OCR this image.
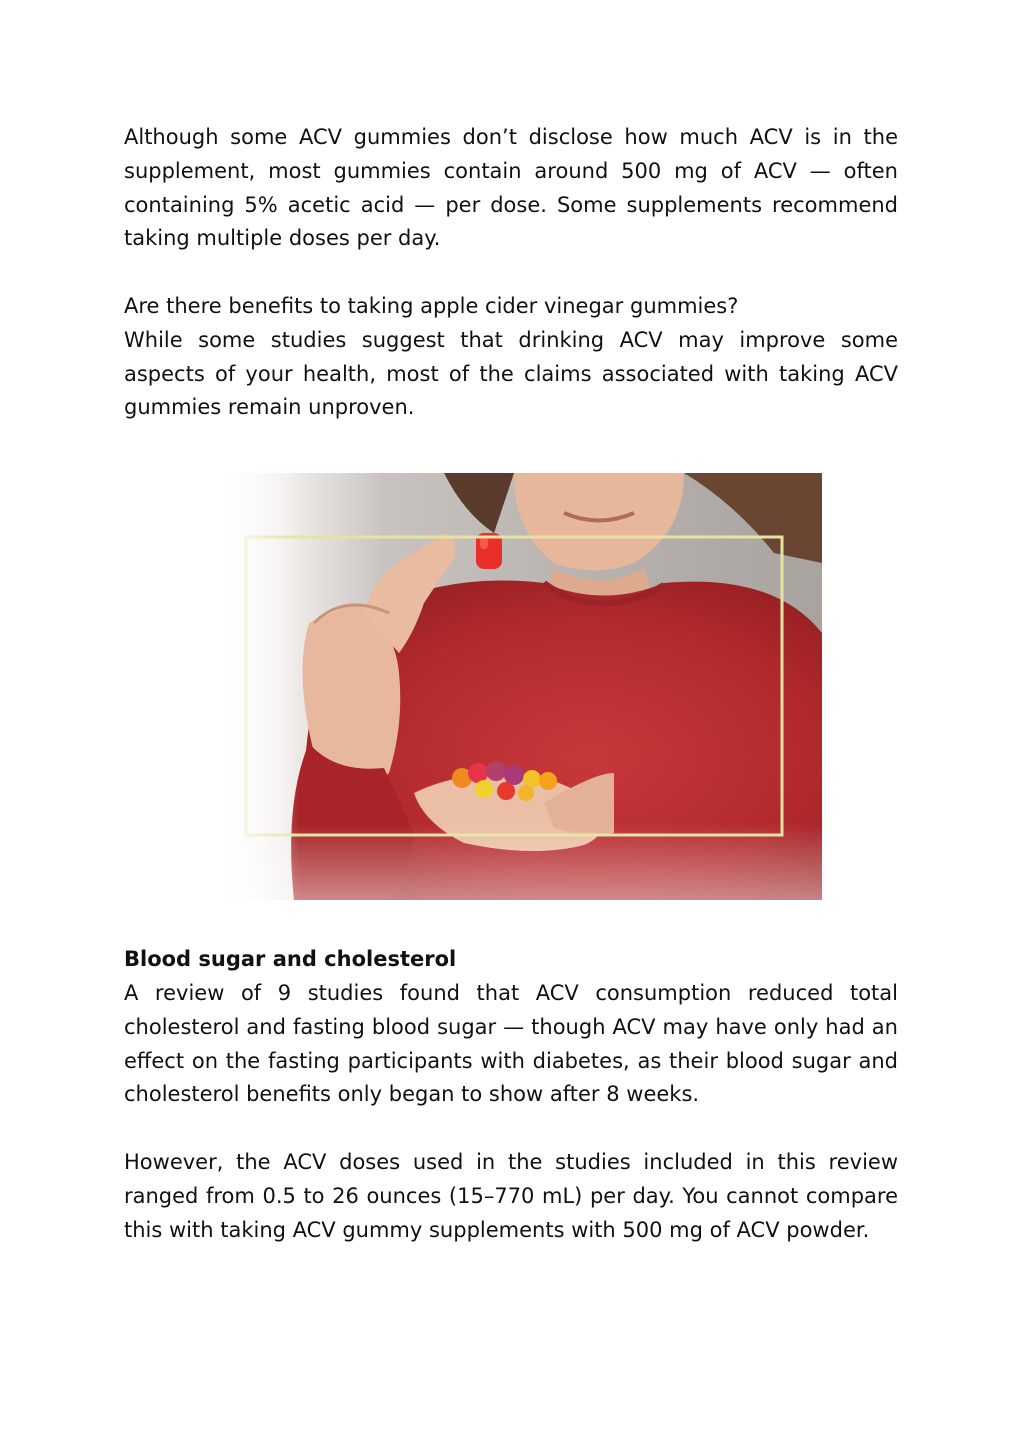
Although some ACV gummies don’t disclose how much ACV is in the supplement, most gummies contain around 500 mg of ACV — often containing 5% acetic acid — per dose. Some supplements recommend taking multiple doses per day.

Are there benefits to taking apple cider vinegar gummies?

While some studies suggest that drinking ACV may improve some aspects of your health, most of the claims associated with taking ACV gummies remain unproven.

Blood sugar and cholesterol

A review of 9 studies found that ACV consumption reduced total cholesterol and fasting blood sugar — though ACV may have only had an effect on the fasting participants with diabetes, as their blood sugar and cholesterol benefits only began to show after 8 weeks.

However, the ACV doses used in the studies included in this review ranged from 0.5 to 26 ounces (15–770 mL) per day. You cannot compare this with taking ACV gummy supplements with 500 mg of ACV powder.
